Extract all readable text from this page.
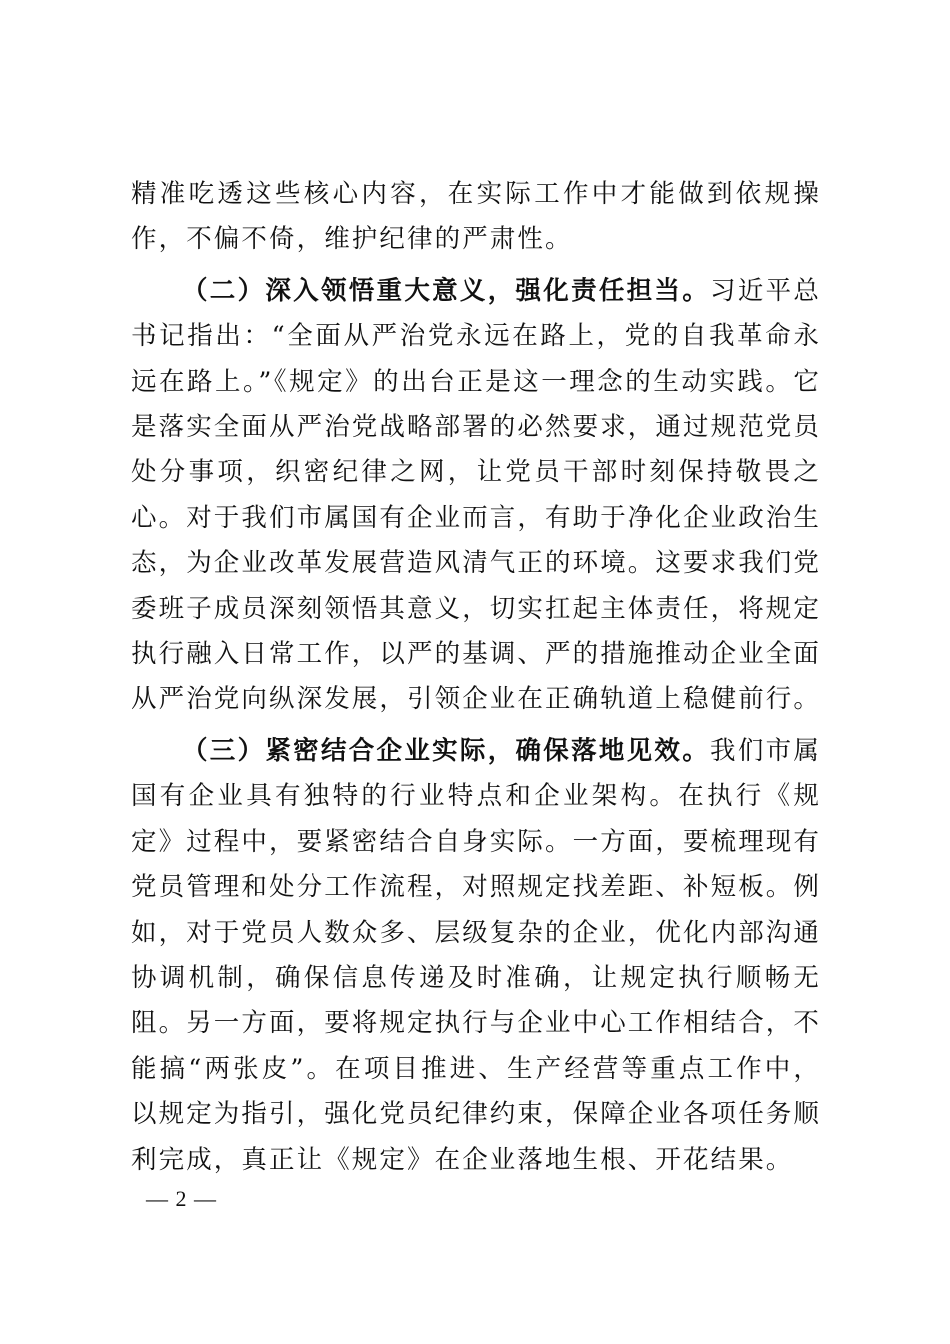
精准吃透这些核心内容，在实际工作中才能做到依规操作，不偏不倚，维护纪律的严肃性。

（二）深入领悟重大意义，强化责任担当。习近平总书记指出：“全面从严治党永远在路上，党的自我革命永远在路上。”《规定》的出台正是这一理念的生动实践。它是落实全面从严治党战略部署的必然要求，通过规范党员处分事项，织密纪律之网，让党员干部时刻保持敬畏之心。对于我们市属国有企业而言，有助于净化企业政治生态，为企业改革发展营造风清气正的环境。这要求我们党委班子成员深刻领悟其意义，切实扛起主体责任，将规定执行融入日常工作，以严的基调、严的措施推动企业全面从严治党向纵深发展，引领企业在正确轨道上稳健前行。

（三）紧密结合企业实际，确保落地见效。我们市属国有企业具有独特的行业特点和企业架构。在执行《规定》过程中，要紧密结合自身实际。一方面，要梳理现有党员管理和处分工作流程，对照规定找差距、补短板。例如，对于党员人数众多、层级复杂的企业，优化内部沟通协调机制，确保信息传递及时准确，让规定执行顺畅无阻。另一方面，要将规定执行与企业中心工作相结合，不能搞“两张皮”。在项目推进、生产经营等重点工作中，以规定为指引，强化党员纪律约束，保障企业各项任务顺利完成，真正让《规定》在企业落地生根、开花结果。

— 2 —
